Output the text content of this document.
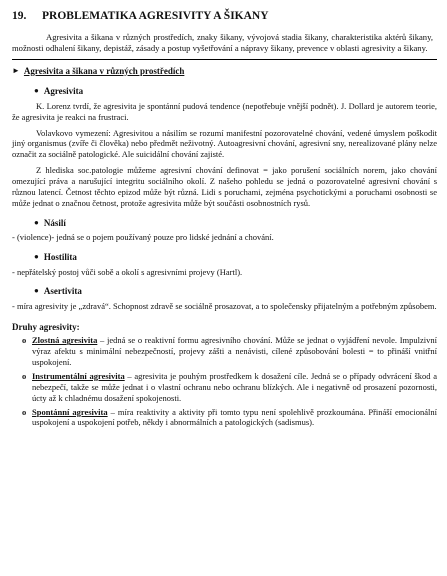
19.	PROBLEMATIKA AGRESIVITY A ŠIKANY

Agresivita a šikana v různých prostředích, znaky šikany, vývojová stadia šikany, charakteristika aktérů šikany, možnosti odhalení šikany, depistáž, zásady a postup vyšetřování a nápravy šikany, prevence v oblasti agresivity a šikany.

► Agresivita a šikana v různých prostředích
● Agresivita

K. Lorenz tvrdí, že agresivita je spontánní pudová tendence (nepotřebuje vnější podnět). J. Dollard je autorem teorie, že agresivita je reakci na frustraci.

Volavkovo vymezení: Agresivitou a násilím se rozumí manifestní pozorovatelné chování, vedené úmyslem poškodit jiný organismus (zvíře či člověka) nebo předmět neživotný. Autoagresivní chování, agresivní sny, nerealizované plány nelze označit za sociálně patologické. Ale suicidální chování zajisté.

Z hlediska soc.patologie můžeme agresivní chování definovat = jako porušení sociálních norem, jako chování omezující práva a narušující integritu sociálního okolí. Z našeho pohledu se jedná o pozorovatelné agresivní chování s různou latencí. Četnost těchto epizod může být různá. Lidi s poruchami, zejména psychotickými a poruchami osobnosti se může jednat o značnou četnost, protože agresivita může být součásti osobnostních rysů.

● Násilí

- (violence)- jedná se o pojem používaný pouze pro lidské jednání a chování.

● Hostilita

- nepřátelský postoj vůči sobě a okolí s agresivními projevy (Hartl).

● Asertivita

- míra agresivity je „zdravá“. Schopnost zdravě se sociálně prosazovat, a to společensky přijatelným a potřebným způsobem.

Druhy agresivity:
o Zlostná agresivita – jedná se o reaktivní formu agresivního chování. Může se jednat o vyjádření nevole. Impulzivní výraz afektu s minimální nebezpečností, projevy zášti a nenávisti, cílené způsobování bolesti = to přináší vnitřní uspokojení.
o Instrumentální agresivita – agresivita je pouhým prostředkem k dosažení cíle. Jedná se o případy odvrácení škod a nebezpečí, takže se může jednat i o vlastní ochranu nebo ochranu blízkých. Ale i negativně od prosazení pozornosti, úcty až k chladnému dosažení spokojenosti.
o Spontánní agresivita – míra reaktivity a aktivity při tomto typu není spolehlivě prozkoumána. Přináší emocionální uspokojení a uspokojení potřeb, někdy i abnormálních a patologických (sadismus).
